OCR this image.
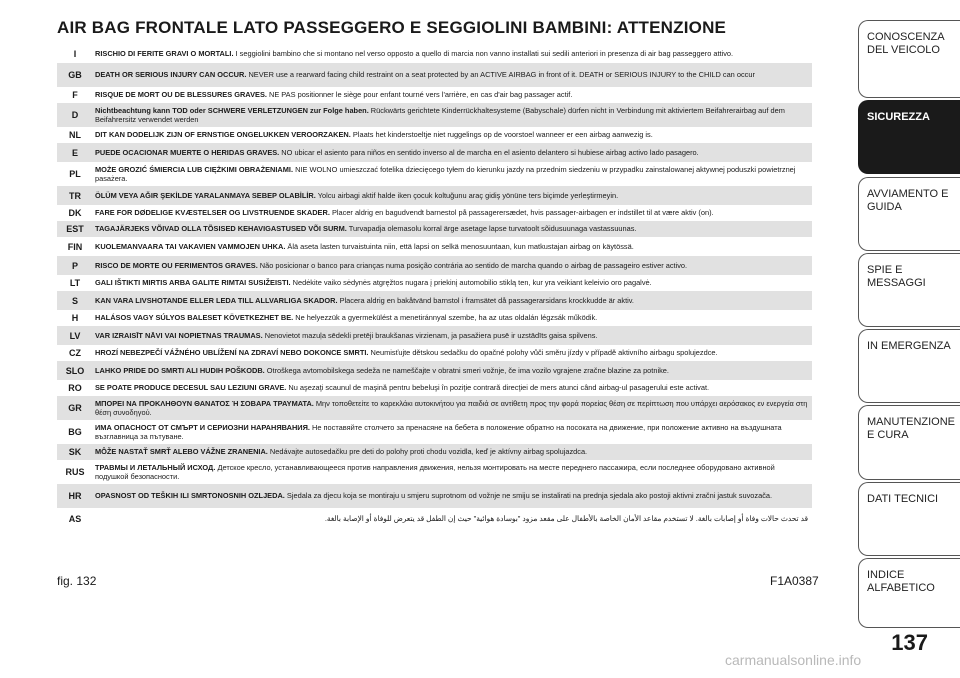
AIR BAG FRONTALE LATO PASSEGGERO E SEGGIOLINI BAMBINI: ATTENZIONE
I	RISCHIO DI FERITE GRAVI O MORTALI. I seggiolini bambino che si montano nel verso opposto a quello di marcia non vanno installati sui sedili anteriori in presenza di air bag passeggero attivo.
GB	DEATH OR SERIOUS INJURY CAN OCCUR. NEVER use a rearward facing child restraint on a seat protected by an ACTIVE AIRBAG in front of it. DEATH or SERIOUS INJURY to the CHILD can occur
F	RISQUE DE MORT OU DE BLESSURES GRAVES. NE PAS positionner le siège pour enfant tourné vers l'arrière, en cas d'air bag passager actif.
D	Nichtbeachtung kann TOD oder SCHWERE VERLETZUNGEN zur Folge haben. Rückwärts gerichtete Kinderrückhaltesysteme (Babyschale) dürfen nicht in Verbindung mit aktiviertem Beifahrerairbag auf dem Beifahrersitz verwendet werden
NL	DIT KAN DODELIJK ZIJN OF ERNSTIGE ONGELUKKEN VEROORZAKEN. Plaats het kinderstoeltje niet ruggelings op de voorstoel wanneer er een airbag aanwezig is.
E	PUEDE OCACIONAR MUERTE O HERIDAS GRAVES. NO ubicar el asiento para niños en sentido inverso al de marcha en el asiento delantero si hubiese airbag activo lado pasagero.
PL	MOŻE GROZIĆ ŚMIERCIA LUB CIĘŻKIMI OBRAŻENIAMI. NIE WOLNO umieszczać fotelika dziecięcego tyłem do kierunku jazdy na przednim siedzeniu w przypadku zainstalowanej aktywnej poduszki powietrznej pasażera.
TR	ÖLÜM VEYA AĞIR ŞEKİLDE YARALANMAYA SEBEP OLABİLİR. Yolcu airbagi aktif halde iken çocuk koltuğunu araç gidiş yönüne ters biçimde yerleştirmeyin.
DK	FARE FOR DØDELIGE KVÆSTELSER OG LIVSTRUENDE SKADER. Placer aldrig en bagudvendt barnestol på passagerersædet, hvis passager-airbagen er indstillet til at være aktiv (on).
EST	TAGAJÄRJEKS VÕIVAD OLLA TÕSISED KEHAVIGASTUSED VÕI SURM. Turvapadja olemasolu korral ärge asetage lapse turvatoolt sõidusuunaga vastassuunas.
FIN	KUOLEMANVAARA TAI VAKAVIEN VAMMOJEN UHKA. Älä aseta lasten turvaistuinta niin, että lapsi on selkä menosuuntaan, kun matkustajan airbag on käytössä.
P	RISCO DE MORTE OU FERIMENTOS GRAVES. Não posicionar o banco para crianças numa posição contrária ao sentido de marcha quando o airbag de passageiro estiver activo.
LT	GALI IŠTIKTI MIRTIS ARBA GALITE RIMTAI SUSIŽEISTI. Nedėkite vaiko sėdynės atgręžtos nugara į priekinį automobilio stiklą ten, kur yra veikiant keleivio oro pagalvė.
S	KAN VARA LIVSHOTANDE ELLER LEDA TILL ALLVARLIGA SKADOR. Placera aldrig en bakåtvänd barnstol i framsätet då passagerarsidans krockkudde är aktiv.
H	HALÁSOS VAGY SÚLYOS BALESET KÖVETKEZHET BE. Ne helyezzük a gyermekülést a menetiránnyal szembe, ha az utas oldalán légzsák működik.
LV	VAR IZRAISĪT NĀVI VAI NOPIETNAS TRAUMAS. Nenovietot mazuļa sēdekli pretēji braukšanas virzienam, ja pasažiera pusē ir uzstādīts gaisa spilvens.
CZ	HROZÍ NEBEZPEČÍ VÁŽNÉHO UBLÍŽENÍ NA ZDRAVÍ NEBO DOKONCE SMRTI. Neumisťujte dětskou sedačku do opačné polohy vůči směru jízdy v případě aktivního airbagu spolujezdce.
SLO	LAHKO PRIDE DO SMRTI ALI HUDIH POŠKODB. Otroškega avtomobilskega sedeža ne nameščajte v obratni smeri vožnje, če ima vozilo vgrajene zračne blazine za potnike.
RO	SE POATE PRODUCE DECESUL SAU LEZIUNI GRAVE. Nu aşezaţi scaunul de maşină pentru bebeluşi în poziţie contrară direcţiei de mers atunci când airbag-ul pasagerului este activat.
GR	ΜΠΟΡΕΙ ΝΑ ΠΡΟΚΛΗΘΟΥΝ ΘΑΝΑΤΟΣ Ή ΣΟΒΑΡΑ ΤΡΑΥΜΑΤΑ. Μην τοποθετείτε το καρεκλάκι αυτοκινήτου για παιδιά σε αντίθετη προς την φορά πορείας θέση σε περίπτωση που υπάρχει αερόσακος εν ενεργεία στη θέση συνοδηγού.
BG	ИМА ОПАСНОСТ ОТ СМЪРТ И СЕРИОЗНИ НАРАНЯВАНИЯ. Не поставяйте столчето за пренасяне на бебета в положение обратно на посоката на движение, при положение активно на въздушната възглавница за пътуване.
SK	MÔŽE NASTAŤ SMRŤ ALEBO VÁŽNE ZRANENIA. Nedávajte autosedačku pre deti do polohy proti chodu vozidla, keď je aktívny airbag spolujazdca.
RUS	ТРАВМЫ И ЛЕТАЛЬНЫЙ ИСХОД. Детское кресло, устанавливающееся против направления движения, нельзя монтировать на месте переднего пассажира, если последнее оборудовано активной подушкой безопасности.
HR	OPASNOST OD TEŠKIH ILI SMRTONOSNIH OZLJEDA. Sjedala za djecu koja se montiraju u smjeru suprotnom od vožnje ne smiju se instalirati na prednja sjedala ako postoji aktivni zračni jastuk suvozača.
AS	قد تحدث حالات وفاة أو إصابات بالغة. لا تستخدم مقاعد الأمان الخاصة بالأطفال على مقعد مزود "بوسادة هوائية" حيث إن الطفل قد يتعرض للوفاة أو الإصابة بالغة.
fig. 132	F1A0387
CONOSCENZA DEL VEICOLO
SICUREZZA
AVVIAMENTO E GUIDA
SPIE E MESSAGGI
IN EMERGENZA
MANUTENZIONE E CURA
DATI TECNICI
INDICE ALFABETICO
137
carmanualsonline.info
